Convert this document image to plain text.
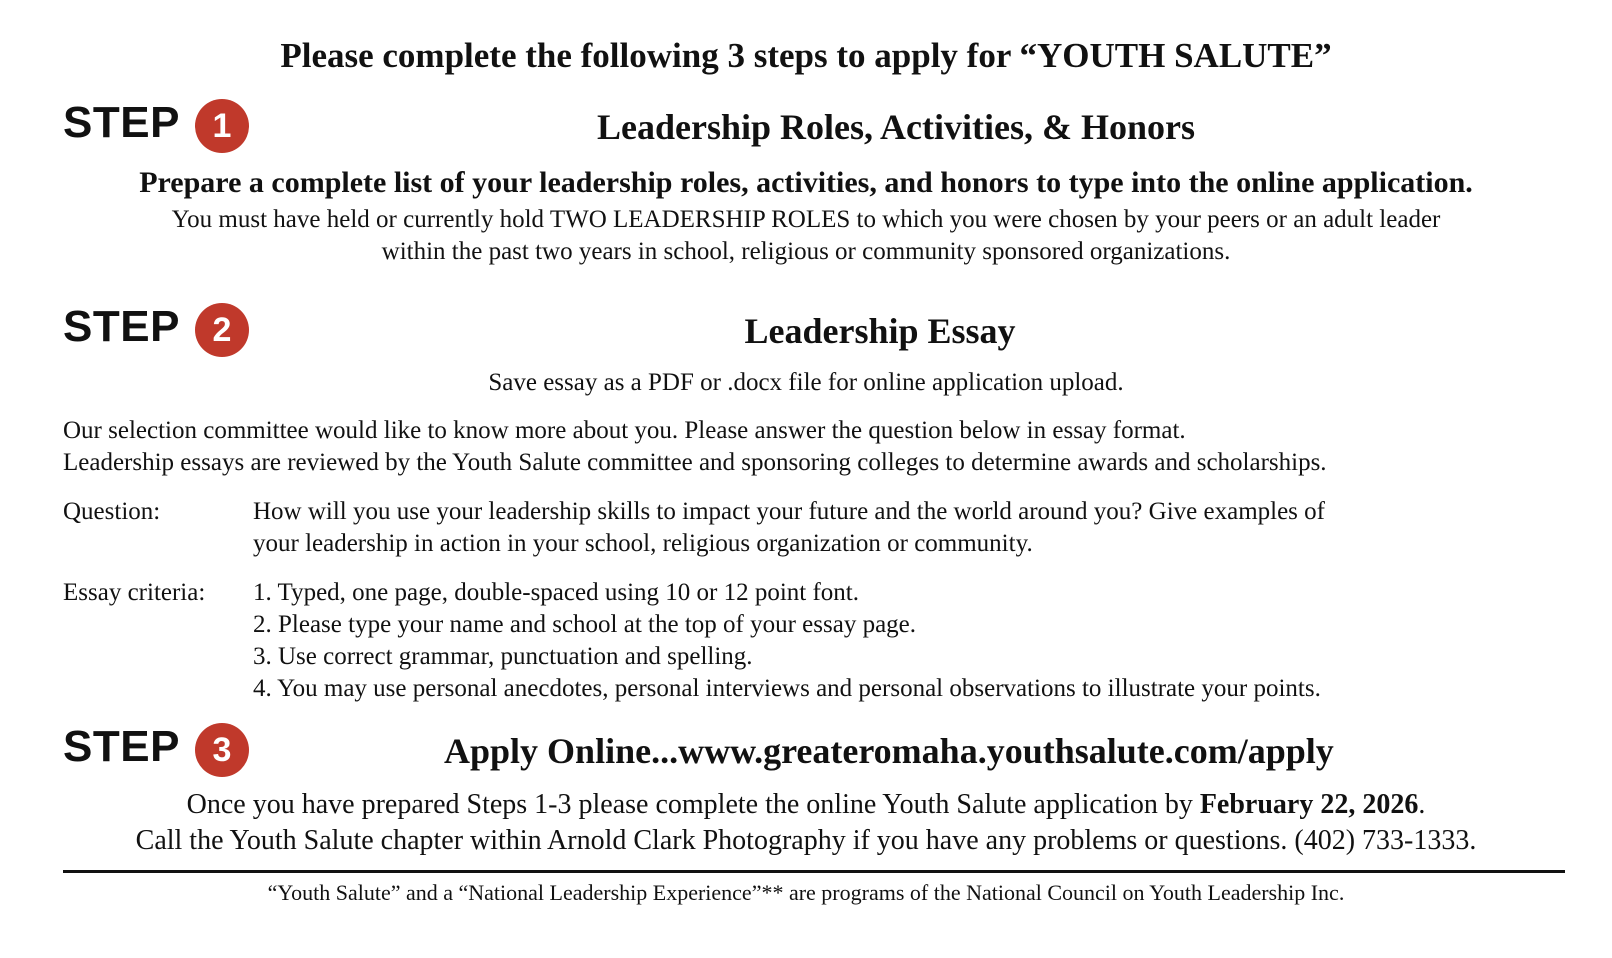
Please complete the following 3 steps to apply for “YOUTH SALUTE”
STEP 1	Leadership Roles, Activities, & Honors
Prepare a complete list of your leadership roles, activities, and honors to type into the online application.
You must have held or currently hold TWO LEADERSHIP ROLES to which you were chosen by your peers or an adult leader
within the past two years in school, religious or community sponsored organizations.
STEP 2	Leadership Essay
Save essay as a PDF or .docx file for online application upload.
Our selection committee would like to know more about you. Please answer the question below in essay format.
Leadership essays are reviewed by the Youth Salute committee and sponsoring colleges to determine awards and scholarships.
Question:	How will you use your leadership skills to impact your future and the world around you? Give examples of
your leadership in action in your school, religious organization or community.
Essay criteria: 1. Typed, one page, double-spaced using 10 or 12 point font.
2. Please type your name and school at the top of your essay page.
3. Use correct grammar, punctuation and spelling.
4. You may use personal anecdotes, personal interviews and personal observations to illustrate your points.
STEP 3	Apply Online...www.greateromaha.youthsalute.com/apply
Once you have prepared Steps 1-3 please complete the online Youth Salute application by February 22, 2026.
Call the Youth Salute chapter within Arnold Clark Photography if you have any problems or questions. (402) 733-1333.
“Youth Salute” and a “National Leadership Experience”** are programs of the National Council on Youth Leadership Inc.
